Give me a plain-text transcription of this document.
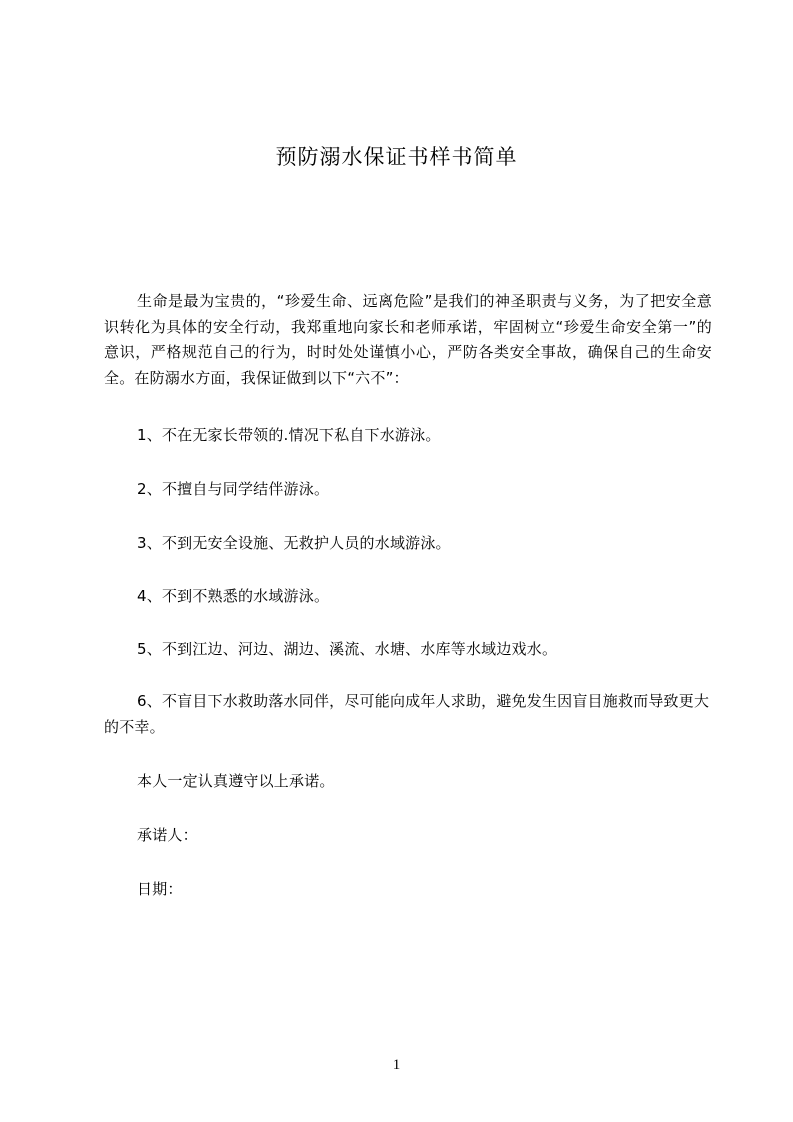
预防溺水保证书样书简单
生命是最为宝贵的，“珍爱生命、远离危险”是我们的神圣职责与义务，为了把安全意识转化为具体的安全行动，我郑重地向家长和老师承诺，牢固树立“珍爱生命安全第一”的意识，严格规范自己的行为，时时处处谨慎小心，严防各类安全事故，确保自己的生命安全。在防溺水方面，我保证做到以下“六不”：
1、不在无家长带领的.情况下私自下水游泳。
2、不擅自与同学结伴游泳。
3、不到无安全设施、无救护人员的水域游泳。
4、不到不熟悉的水域游泳。
5、不到江边、河边、湖边、溪流、水塘、水库等水域边戏水。
6、不盲目下水救助落水同伴，尽可能向成年人求助，避免发生因盲目施救而导致更大的不幸。
本人一定认真遵守以上承诺。
承诺人：
日期：
1
